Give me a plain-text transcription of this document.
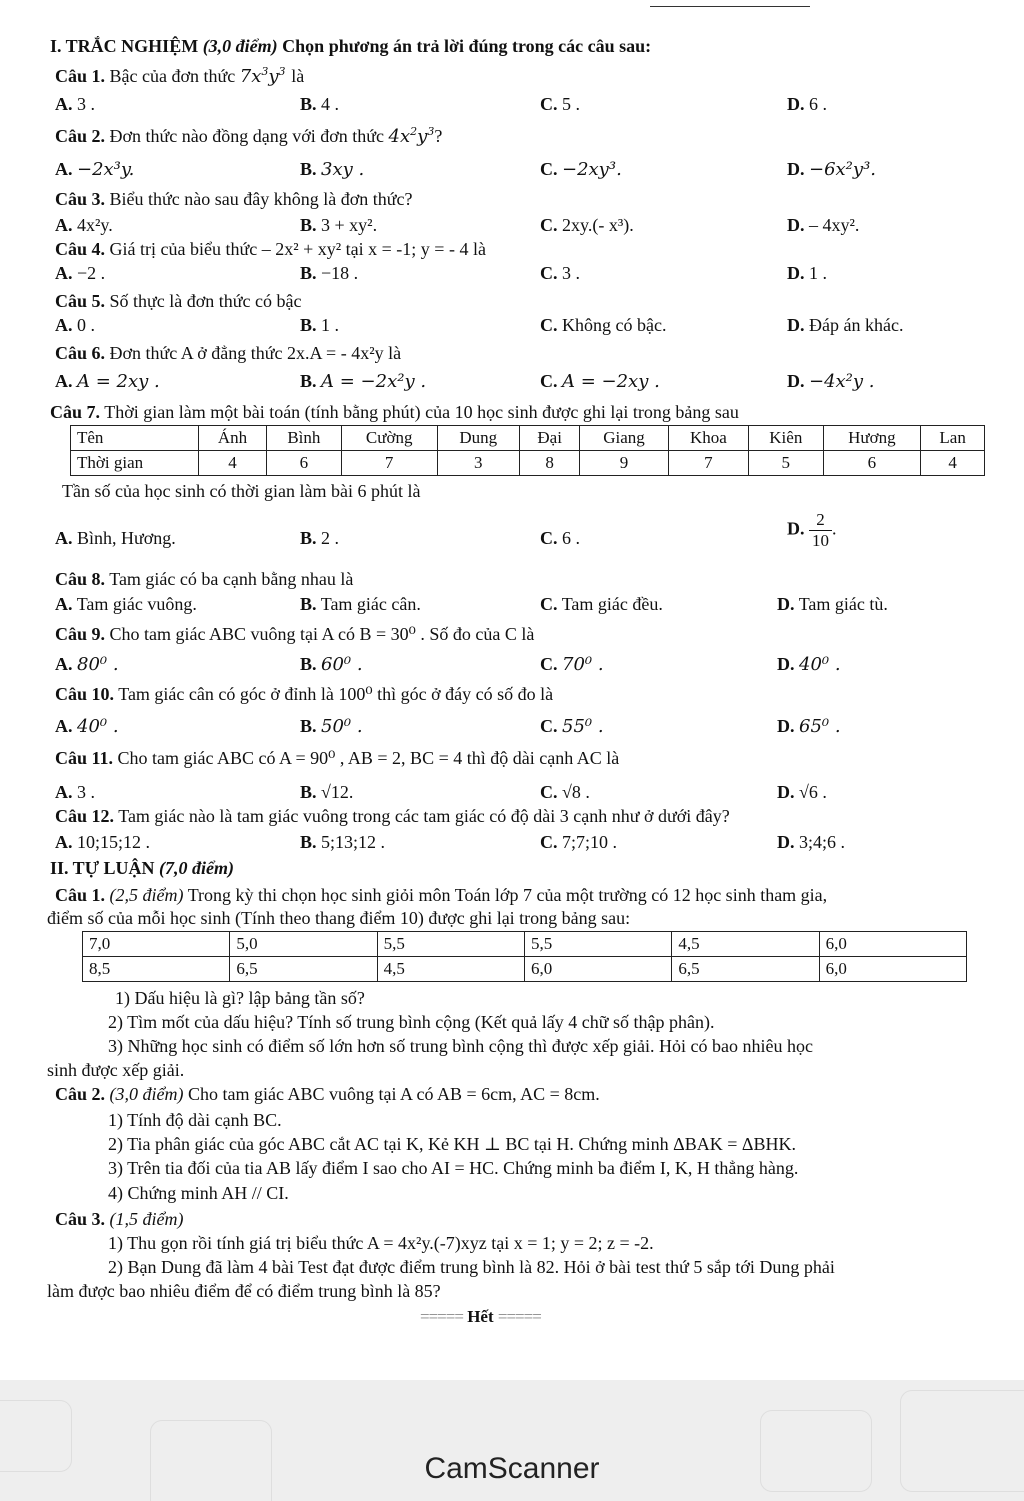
I. TRẮC NGHIỆM (3,0 điểm) Chọn phương án trả lời đúng trong các câu sau:
Câu 1. Bậc của đơn thức $7x^3y^3$ là
A. 3 .	B. 4 .	C. 5 .	D. 6 .
Câu 2. Đơn thức nào đồng dạng với đơn thức $4x^2y^3$?
A. −2x³y.	B. 3xy .	C. −2xy³.	D. −6x²y³.
Câu 3. Biểu thức nào sau đây không là đơn thức?
A. 4x²y.	B. 3 + xy².	C. 2xy.(- x³).	D. – 4xy².
Câu 4. Giá trị của biểu thức – 2x² + xy² tại x = -1; y = - 4 là
A. −2 .	B. −18 .	C. 3 .	D. 1 .
Câu 5. Số thực là đơn thức có bậc
A. 0 .	B. 1 .	C. Không có bậc.	D. Đáp án khác.
Câu 6. Đơn thức A ở đẳng thức 2x.A = - 4x²y là
A. A = 2xy .	B. A = −2x²y .	C. A = −2xy .	D. −4x²y .
Câu 7. Thời gian làm một bài toán (tính bằng phút) của 10 học sinh được ghi lại trong bảng sau
Tên	Ánh	Bình	Cường	Dung	Đại	Giang	Khoa	Kiên	Hương	Lan
Thời gian	4	6	7	3	8	9	7	5	6	4
Tần số của học sinh có thời gian làm bài 6 phút là
A. Bình, Hương.	B. 2 .	C. 6 .	D. $\frac{2}{10}$ .
Câu 8. Tam giác có ba cạnh bằng nhau là
A. Tam giác vuông.	B. Tam giác cân.	C. Tam giác đều.	D. Tam giác tù.
Câu 9. Cho tam giác ABC vuông tại A có B = 30⁰ . Số đo của C là
A. 80⁰ .	B. 60⁰ .	C. 70⁰ .	D. 40⁰ .
Câu 10. Tam giác cân có góc ở đỉnh là 100⁰ thì góc ở đáy có số đo là
A. 40⁰ .	B. 50⁰ .	C. 55⁰ .	D. 65⁰ .
Câu 11. Cho tam giác ABC có A = 90⁰ , AB = 2, BC = 4 thì độ dài cạnh AC là
A. 3 .	B. √12.	C. √8 .	D. √6 .
Câu 12. Tam giác nào là tam giác vuông trong các tam giác có độ dài 3 cạnh như ở dưới đây?
A. 10;15;12 .	B. 5;13;12 .	C. 7;7;10 .	D. 3;4;6 .
II. TỰ LUẬN (7,0 điểm)
Câu 1. (2,5 điểm) Trong kỳ thi chọn học sinh giỏi môn Toán lớp 7 của một trường có 12 học sinh tham gia,
điểm số của mỗi học sinh (Tính theo thang điểm 10) được ghi lại trong bảng sau:
7,0	5,0	5,5	5,5	4,5	6,0
8,5	6,5	4,5	6,0	6,5	6,0
1) Dấu hiệu là gì? lập bảng tần số?
2) Tìm mốt của dấu hiệu? Tính số trung bình cộng (Kết quả lấy 4 chữ số thập phân).
3) Những học sinh có điểm số lớn hơn số trung bình cộng thì được xếp giải. Hỏi có bao nhiêu học
sinh được xếp giải.
Câu 2. (3,0 điểm) Cho tam giác ABC vuông tại A có AB = 6cm, AC = 8cm.
1) Tính độ dài cạnh BC.
2) Tia phân giác của góc ABC cắt AC tại K, Kẻ KH ⊥ BC tại H. Chứng minh ΔBAK = ΔBHK.
3) Trên tia đối của tia AB lấy điểm I sao cho AI = HC. Chứng minh ba điểm I, K, H thẳng hàng.
4) Chứng minh AH // CI.
Câu 3. (1,5 điểm)
1) Thu gọn rồi tính giá trị biểu thức A = 4x²y.(-7)xyz tại x = 1; y = 2; z = -2.
2) Bạn Dung đã làm 4 bài Test đạt được điểm trung bình là 82. Hỏi ở bài test thứ 5 sắp tới Dung phải
làm được bao nhiêu điểm để có điểm trung bình là 85?
===== Hết =====
CamScanner
